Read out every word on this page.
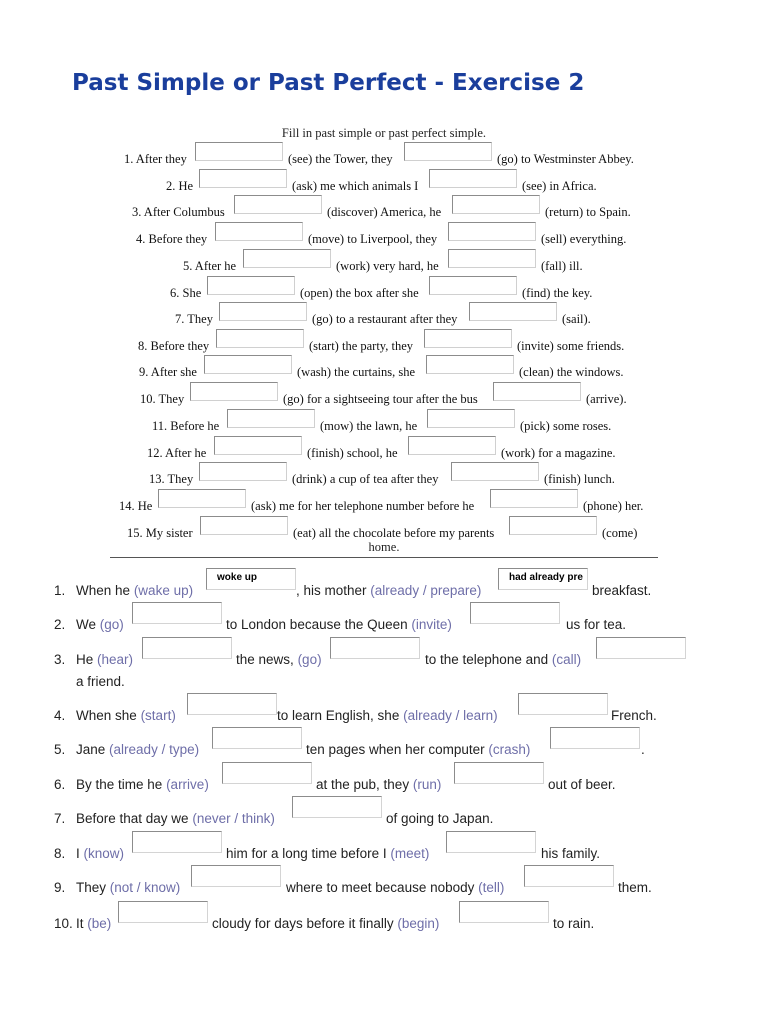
Past Simple or Past Perfect - Exercise 2
Fill in past simple or past perfect simple.
1. After they	(see) the Tower, they	(go) to Westminster Abbey.
2. He	(ask) me which animals I	(see) in Africa.
3. After Columbus	(discover) America, he	(return) to Spain.
4. Before they	(move) to Liverpool, they	(sell) everything.
5. After he	(work) very hard, he	(fall) ill.
6. She	(open) the box after she	(find) the key.
7. They	(go) to a restaurant after they	(sail).
8. Before they	(start) the party, they	(invite) some friends.
9. After she	(wash) the curtains, she	(clean) the windows.
10. They	(go) for a sightseeing tour after the bus	(arrive).
11. Before he	(mow) the lawn, he	(pick) some roses.
12. After he	(finish) school, he	(work) for a magazine.
13. They	(drink) a cup of tea after they	(finish) lunch.
14. He	(ask) me for her telephone number before he	(phone) her.
15. My sister	(eat) all the chocolate before my parents	(come)
home.
1. When he (wake up)
woke up
, his mother (already / prepare)
had already pre
breakfast.
2. We (go)	to London because the Queen (invite)	us for tea.
3. He (hear)	the news, (go)	to the telephone and (call)
a friend.
4. When she (start)	to learn English, she (already / learn)	French.
5. Jane (already / type)	ten pages when her computer (crash)	.
6. By the time he (arrive)	at the pub, they (run)	out of beer.
7. Before that day we (never / think)	of going to Japan.
8. I (know)	him for a long time before I (meet)	his family.
9. They (not / know)	where to meet because nobody (tell)	them.
10. It (be)	cloudy for days before it finally (begin)	to rain.
